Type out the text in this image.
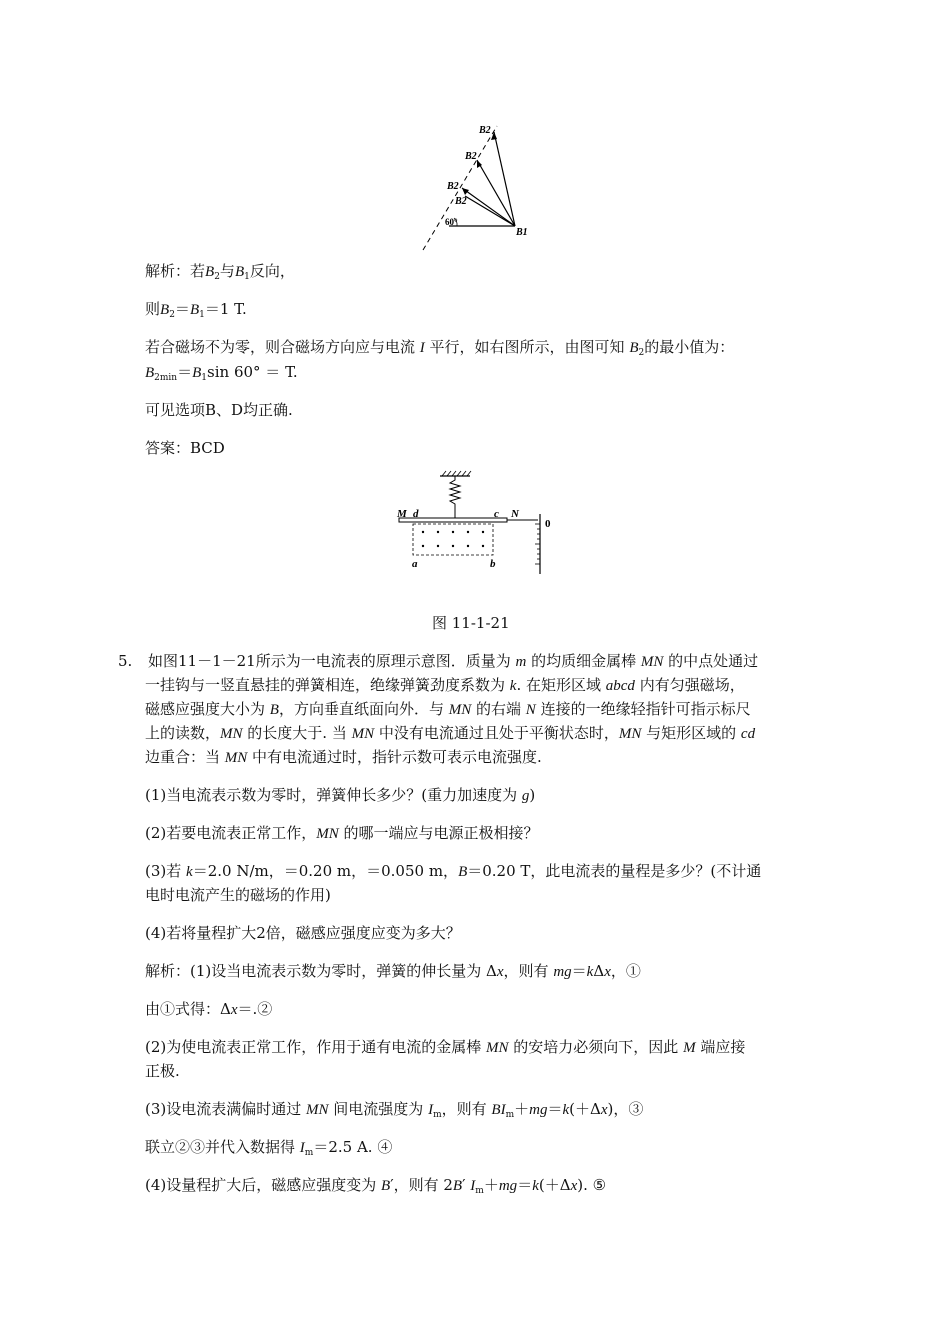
B2
B2
B2
B2
B1
60°
解析：若$B_2$与$B_1$反向，
则$B_2=B_1=1$ T.
若合磁场不为零，则合磁场方向应与电流 I 平行，如右图所示，由图可知 $B_2$的最小值为：
$B_{2min}=B_1\sin$ 60° ＝ T.
可见选项B、D均正确.
答案：BCD
M d	c N
0
a	b
图 11-1-21
5. 如图11－1－21所示为一电流表的原理示意图．质量为 m 的均质细金属棒 MN 的中点处通过
一挂钩与一竖直悬挂的弹簧相连，绝缘弹簧劲度系数为 k. 在矩形区域 abcd 内有匀强磁场，
磁感应强度大小为 B，方向垂直纸面向外．与 MN 的右端 N 连接的一绝缘轻指针可指示标尺
上的读数，MN 的长度大于. 当 MN 中没有电流通过且处于平衡状态时，MN 与矩形区域的 cd
边重合：当 MN 中有电流通过时，指针示数可表示电流强度.
(1)当电流表示数为零时，弹簧伸长多少？(重力加速度为 g)
(2)若要电流表正常工作，MN 的哪一端应与电源正极相接？
(3)若 k＝2.0 N/m，＝0.20 m，＝0.050 m，B＝0.20 T，此电流表的量程是多少？(不计通
电时电流产生的磁场的作用)
(4)若将量程扩大2倍，磁感应强度应变为多大？
解析：(1)设当电流表示数为零时，弹簧的伸长量为 Δx，则有 mg＝kΔx，①
由①式得：Δx＝.②
(2)为使电流表正常工作，作用于通有电流的金属棒 MN 的安培力必须向下，因此 M 端应接
正极.
(3)设电流表满偏时通过 MN 间电流强度为 $I_m$，则有 $BI_m+mg=k(+\Delta x)$，③
联立②③并代入数据得 $I_m=2.5$ A. ④
(4)设量程扩大后，磁感应强度变为 B′，则有 2B′ $I_m+mg=k(+\Delta x)$. ⑤
